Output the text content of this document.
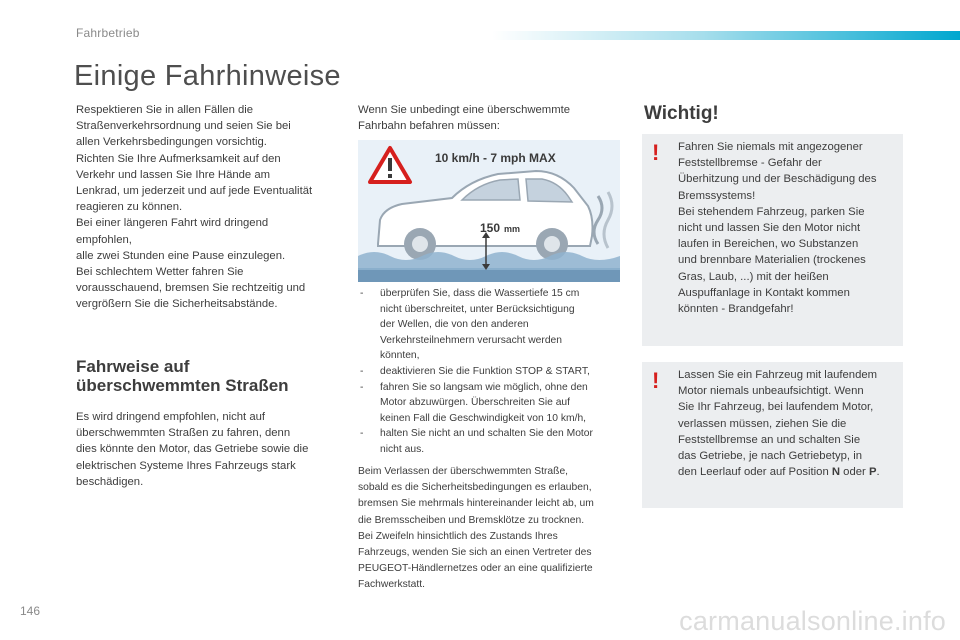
Fahrbetrieb
Einige Fahrhinweise
Respektieren Sie in allen Fällen die
Straßenverkehrsordnung und seien Sie bei
allen Verkehrsbedingungen vorsichtig.
Richten Sie Ihre Aufmerksamkeit auf den
Verkehr und lassen Sie Ihre Hände am
Lenkrad, um jederzeit und auf jede Eventualität
reagieren zu können.
Bei einer längeren Fahrt wird dringend
empfohlen,
alle zwei Stunden eine Pause einzulegen.
Bei schlechtem Wetter fahren Sie
vorausschauend, bremsen Sie rechtzeitig und
vergrößern Sie die Sicherheitsabstände.
Fahrweise auf
überschwemmten Straßen
Es wird dringend empfohlen, nicht auf
überschwemmten Straßen zu fahren, denn
dies könnte den Motor, das Getriebe sowie die
elektrischen Systeme Ihres Fahrzeugs stark
beschädigen.
Wenn Sie unbedingt eine überschwemmte
Fahrbahn befahren müssen:
10 km/h - 7 mph MAX
150 mm
- überprüfen Sie, dass die Wassertiefe 15 cm
nicht überschreitet, unter Berücksichtigung
der Wellen, die von den anderen
Verkehrsteilnehmern verursacht werden
könnten,
- deaktivieren Sie die Funktion STOP & START,
- fahren Sie so langsam wie möglich, ohne den
Motor abzuwürgen. Überschreiten Sie auf
keinen Fall die Geschwindigkeit von 10 km/h,
- halten Sie nicht an und schalten Sie den Motor
nicht aus.
Beim Verlassen der überschwemmten Straße,
sobald es die Sicherheitsbedingungen es erlauben,
bremsen Sie mehrmals hintereinander leicht ab, um
die Bremsscheiben und Bremsklötze zu trocknen.
Bei Zweifeln hinsichtlich des Zustands Ihres
Fahrzeugs, wenden Sie sich an einen Vertreter des
PEUGEOT-Händlernetzes oder an eine qualifizierte
Fachwerkstatt.
Wichtig!
! Fahren Sie niemals mit angezogener
Feststellbremse - Gefahr der
Überhitzung und der Beschädigung des
Bremssystems!
Bei stehendem Fahrzeug, parken Sie
nicht und lassen Sie den Motor nicht
laufen in Bereichen, wo Substanzen
und brennbare Materialien (trockenes
Gras, Laub, ...) mit der heißen
Auspuffanlage in Kontakt kommen
könnten - Brandgefahr!
! Lassen Sie ein Fahrzeug mit laufendem
Motor niemals unbeaufsichtigt. Wenn
Sie Ihr Fahrzeug, bei laufendem Motor,
verlassen müssen, ziehen Sie die
Feststellbremse an und schalten Sie
das Getriebe, je nach Getriebetyp, in
den Leerlauf oder auf Position N oder P.
146	carmanualsonline.info
